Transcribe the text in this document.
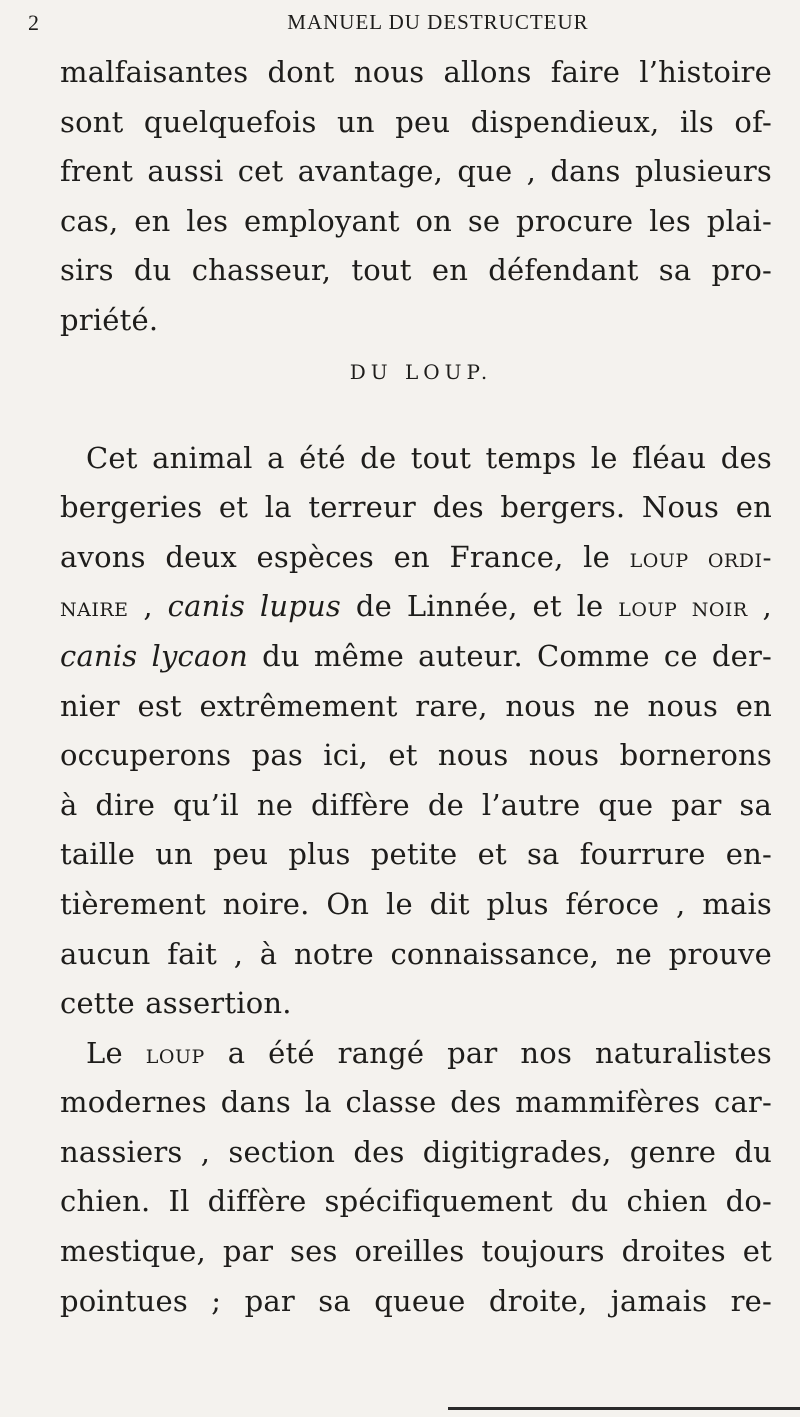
2	MANUEL DU DESTRUCTEUR
malfaisantes dont nous allons faire l’histoire
sont quelquefois un peu dispendieux, ils of-
frent aussi cet avantage, que , dans plusieurs
cas, en les employant on se procure les plai-
sirs du chasseur, tout en défendant sa pro-
priété.
DU LOUP.
Cet animal a été de tout temps le fléau des
bergeries et la terreur des bergers. Nous en
avons deux espèces en France, le loup ordi-
naire , canis lupus de Linnée, et le loup noir ,
canis lycaon du même auteur. Comme ce der-
nier est extrêmement rare, nous ne nous en
occuperons pas ici, et nous nous bornerons
à dire qu’il ne diffère de l’autre que par sa
taille un peu plus petite et sa fourrure en-
tièrement noire. On le dit plus féroce , mais
aucun fait , à notre connaissance, ne prouve
cette assertion.
Le loup a été rangé par nos naturalistes
modernes dans la classe des mammifères car-
nassiers , section des digitigrades, genre du
chien. Il diffère spécifiquement du chien do-
mestique, par ses oreilles toujours droites et
pointues ; par sa queue droite, jamais re-
